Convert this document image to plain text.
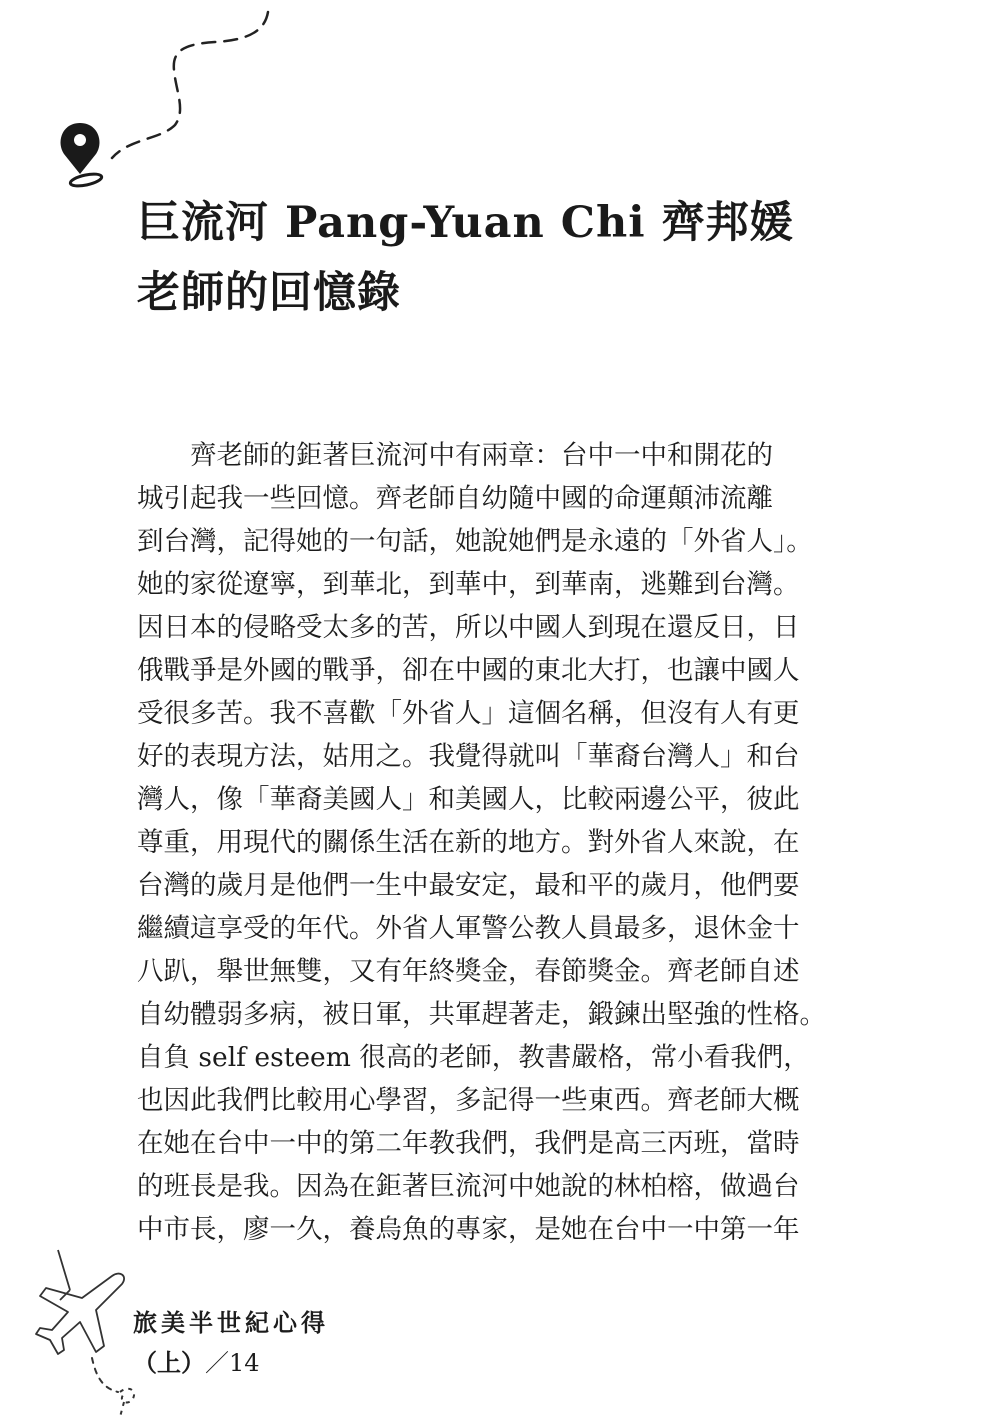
巨流河 Pang-Yuan Chi 齊邦媛
老師的回憶錄
　　齊老師的鉅著巨流河中有兩章：台中一中和開花的
城引起我一些回憶。齊老師自幼隨中國的命運顛沛流離
到台灣，記得她的一句話，她說她們是永遠的「外省人」。
她的家從遼寧，到華北，到華中，到華南，逃難到台灣。
因日本的侵略受太多的苦，所以中國人到現在還反日，日
俄戰爭是外國的戰爭，卻在中國的東北大打，也讓中國人
受很多苦。我不喜歡「外省人」這個名稱，但沒有人有更
好的表現方法，姑用之。我覺得就叫「華裔台灣人」和台
灣人，像「華裔美國人」和美國人，比較兩邊公平，彼此
尊重，用現代的關係生活在新的地方。對外省人來說，在
台灣的歲月是他們一生中最安定，最和平的歲月，他們要
繼續這享受的年代。外省人軍警公教人員最多，退休金十
八趴，舉世無雙，又有年終獎金，春節獎金。齊老師自述
自幼體弱多病，被日軍，共軍趕著走，鍛鍊出堅強的性格。
自負 self esteem 很高的老師，教書嚴格，常小看我們，
也因此我們比較用心學習，多記得一些東西。齊老師大概
在她在台中一中的第二年教我們，我們是高三丙班，當時
的班長是我。因為在鉅著巨流河中她說的林柏榕，做過台
中市長，廖一久，養烏魚的專家，是她在台中一中第一年
旅美半世紀心得
（上）／14
